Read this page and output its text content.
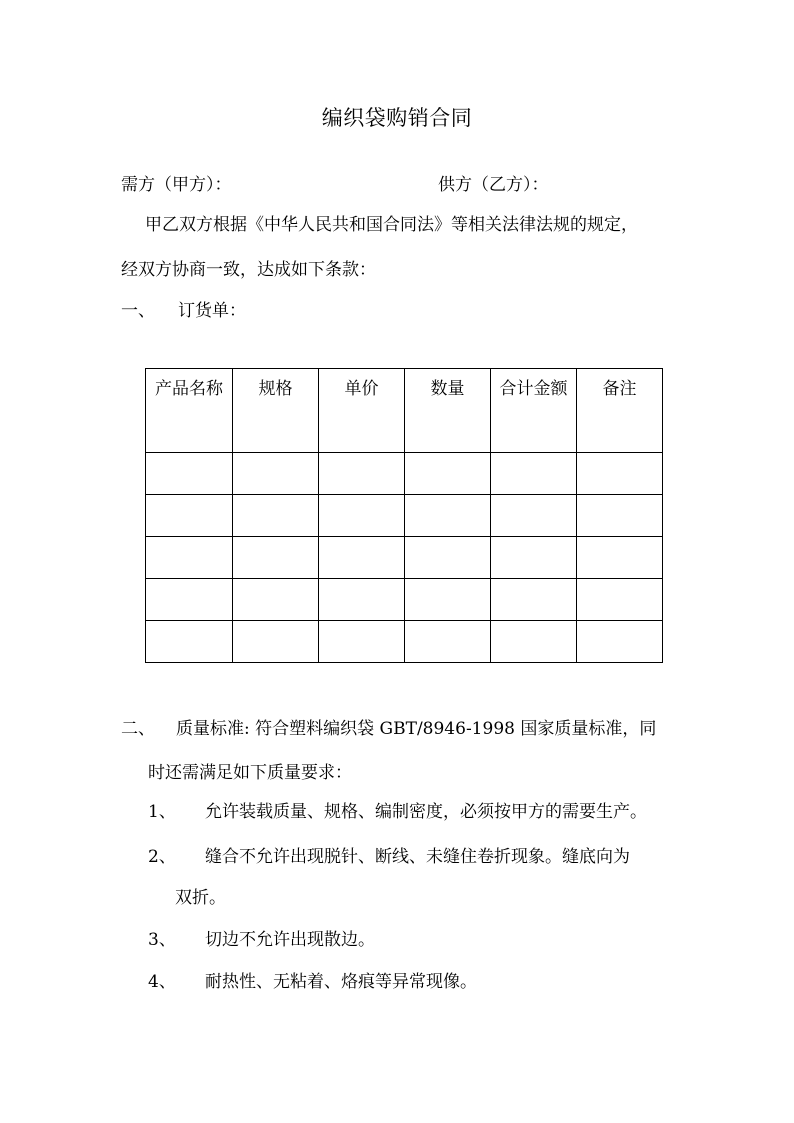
编织袋购销合同
需方（甲方）：	供方（乙方）：
甲乙双方根据《中华人民共和国合同法》等相关法律法规的规定，
经双方协商一致，达成如下条款：
一、 订货单：
产品名称	规格	单价	数量	合计金额	备注

二、 质量标准: 符合塑料编织袋 GBT/8946-1998 国家质量标准，同
时还需满足如下质量要求：
1、 允许装载质量、规格、编制密度，必须按甲方的需要生产。
2、 缝合不允许出现脱针、断线、未缝住卷折现象。缝底向为
双折。
3、 切边不允许出现散边。
4、 耐热性、无粘着、烙痕等异常现像。
